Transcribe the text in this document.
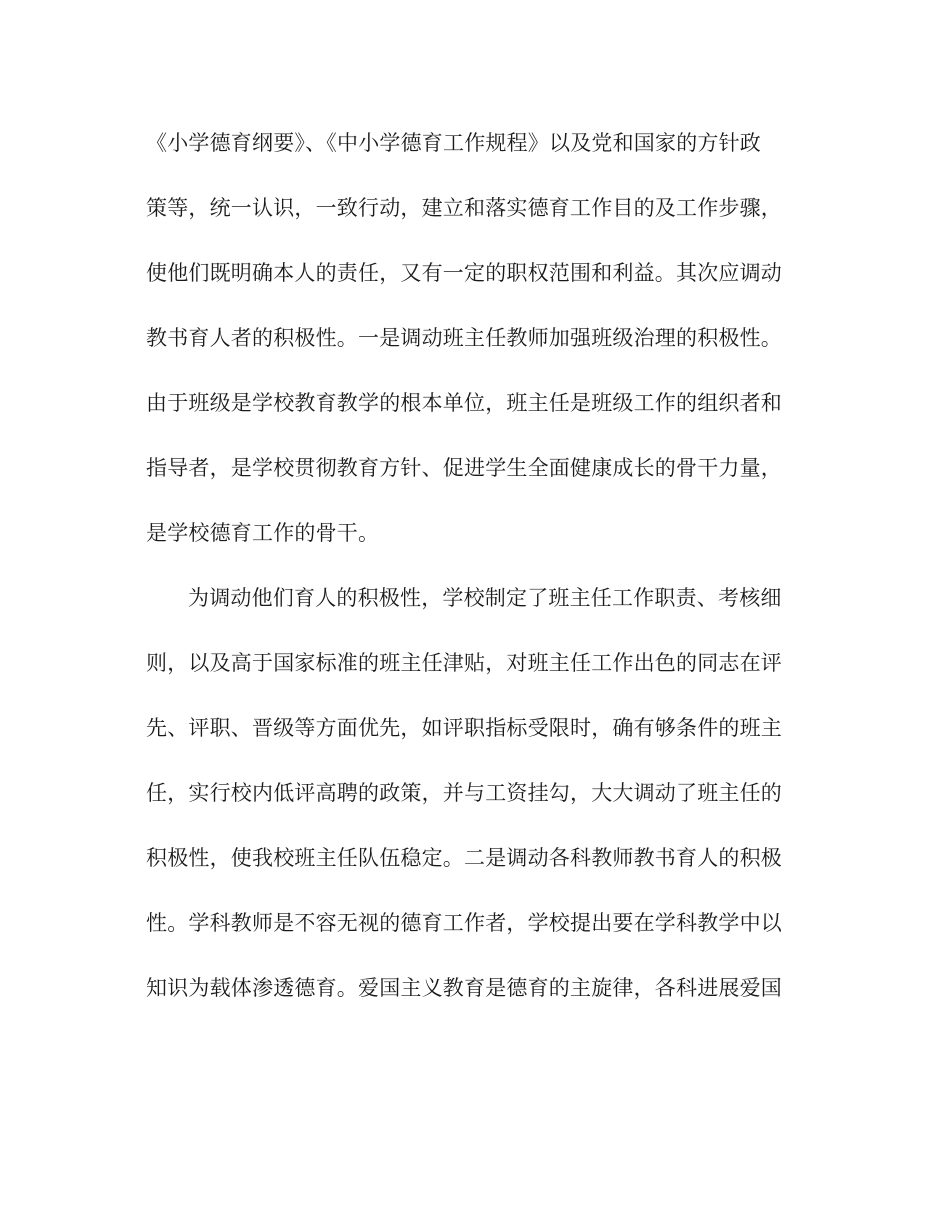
《小学德育纲要》、《中小学德育工作规程》以及党和国家的方针政
策等，统一认识，一致行动，建立和落实德育工作目的及工作步骤，
使他们既明确本人的责任，又有一定的职权范围和利益。其次应调动
教书育人者的积极性。一是调动班主任教师加强班级治理的积极性。
由于班级是学校教育教学的根本单位，班主任是班级工作的组织者和
指导者，是学校贯彻教育方针、促进学生全面健康成长的骨干力量，
是学校德育工作的骨干。
为调动他们育人的积极性，学校制定了班主任工作职责、考核细
则，以及高于国家标准的班主任津贴，对班主任工作出色的同志在评
先、评职、晋级等方面优先，如评职指标受限时，确有够条件的班主
任，实行校内低评高聘的政策，并与工资挂勾，大大调动了班主任的
积极性，使我校班主任队伍稳定。二是调动各科教师教书育人的积极
性。学科教师是不容无视的德育工作者，学校提出要在学科教学中以
知识为载体渗透德育。爱国主义教育是德育的主旋律，各科进展爱国
